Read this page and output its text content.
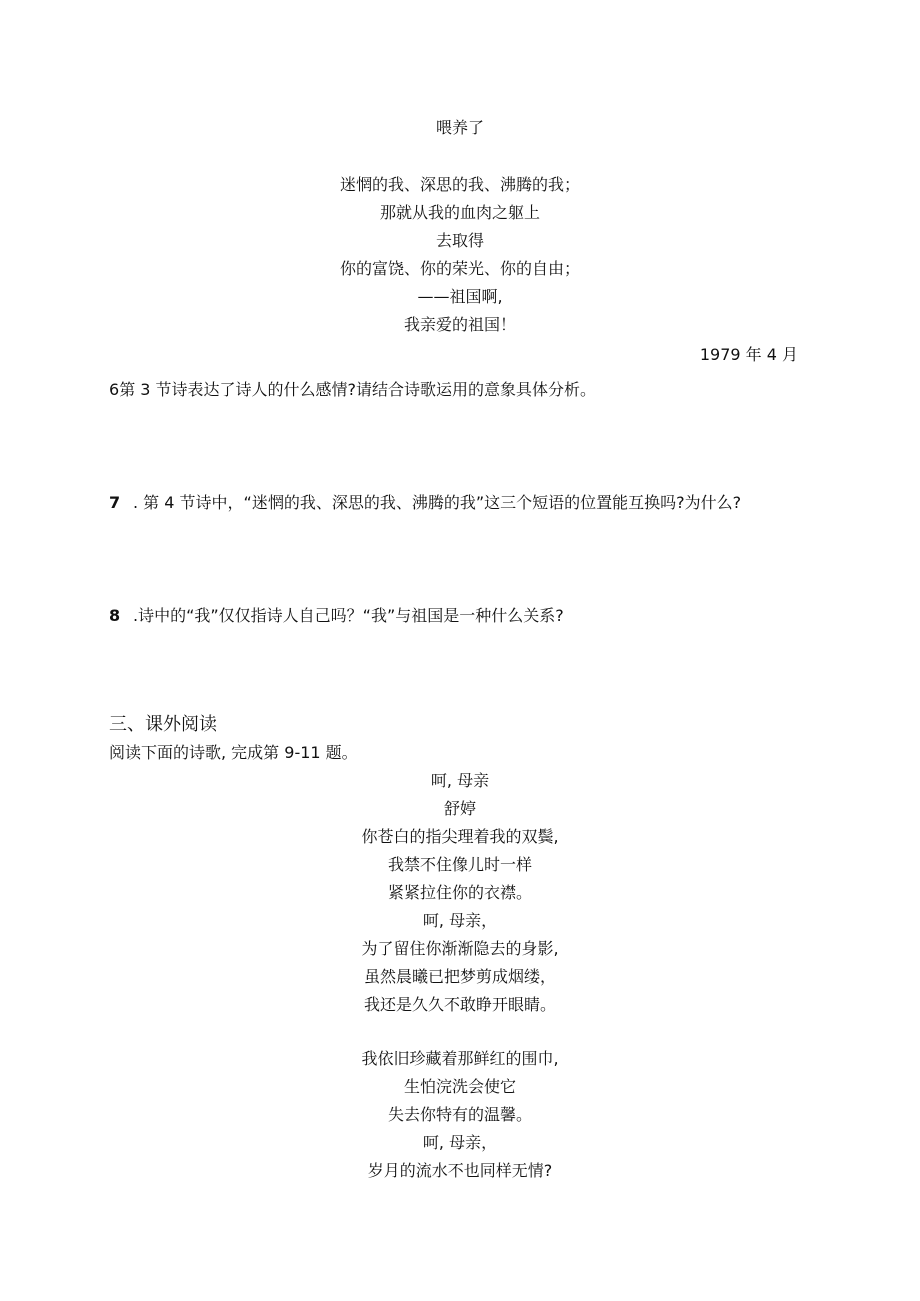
喂养了
迷惘的我、深思的我、沸腾的我；
那就从我的血肉之躯上
去取得
你的富饶、你的荣光、你的自由；
——祖国啊,
我亲爱的祖国！
1979 年 4 月
6第 3 节诗表达了诗人的什么感情?请结合诗歌运用的意象具体分析。
7 . 第 4 节诗中，“迷惘的我、深思的我、沸腾的我”这三个短语的位置能互换吗?为什么?
8 .诗中的“我”仅仅指诗人自己吗？“我”与祖国是一种什么关系?
三、课外阅读
阅读下面的诗歌, 完成第 9-11 题。
呵, 母亲
舒婷
你苍白的指尖理着我的双鬓,
我禁不住像儿时一样
紧紧拉住你的衣襟。
呵, 母亲，
为了留住你渐渐隐去的身影,
虽然晨曦已把梦剪成烟缕，
我还是久久不敢睁开眼睛。
我依旧珍藏着那鲜红的围巾,
生怕浣洗会使它
失去你特有的温馨。
呵, 母亲，
岁月的流水不也同样无情?
